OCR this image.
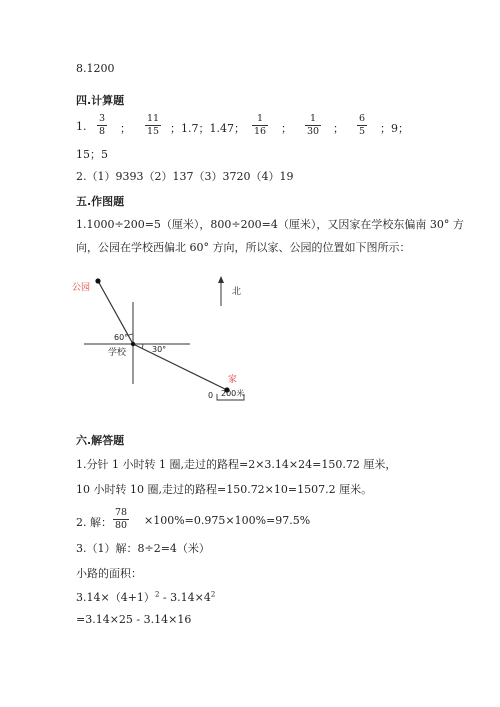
8.1200
四.计算题
1.
3
8 ；
11
15 ；1.7；1.47；
1
16 ；
1
30 ；
6
5 ；9；
15；5
2.（1）9393（2）137（3）3720（4）19
五.作图题
1.1000÷200=5（厘米），800÷200=4（厘米），又因家在学校东偏南 30° 方
向，公园在学校西偏北 60° 方向，所以家、公园的位置如下图所示：
公园
学校
家
北
60°
30°
0 200米
六.解答题
1.分针 1 小时转 1 圈,走过的路程=2×3.14×24=150.72 厘米，
10 小时转 10 圈,走过的路程=150.72×10=1507.2 厘米。
2. 解：
78
80 ×100%=0.975×100%=97.5%
3.（1）解：8÷2=4（米）
小路的面积：
$3.14\times(4+1)^2 - 3.14\times 4^2$
=3.14×25 - 3.14×16
